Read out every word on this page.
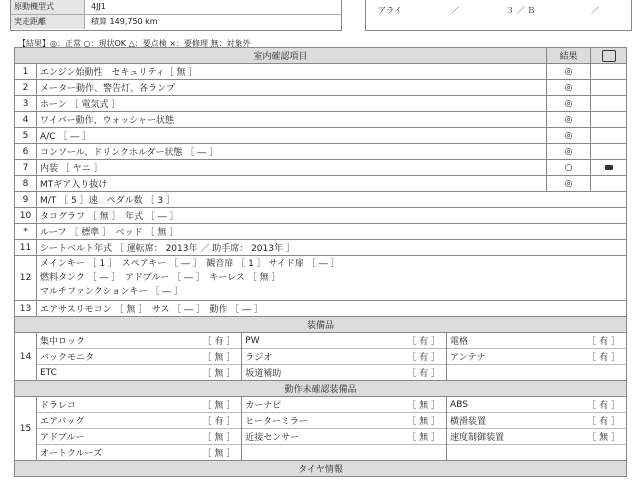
原動機型式	4JJ1
実走距離	積算 149,750 km
アライ	／	３ ／ Ｂ	／
【結果】◎：正常 ○：現状OK △：要点検 ×：要修理 無：対象外
室内確認項目	結果	
1	エンジン始動性　セキュリティ［ 無 ］	◎	
2	メーター動作、警告灯、各ランプ	◎	
3	ホーン ［ 電気式 ］	◎	
4	ワイパー動作、ウォッシャー状態	◎	
5	A/C ［ ― ］	◎	
6	コンソール、ドリンクホルダー状態 ［ ― ］	◎	
7	内装 ［ ヤニ ］	○	
8	MTギア入り抜け	◎	
9	M/T ［ 5 ］速　ペダル数 ［ 3 ］
10	タコグラフ ［ 無 ］　年式 ［ ― ］
*	ルーフ ［ 標準 ］　ベッド ［ 無 ］
11	シートベルト年式 ［ 運転席： 2013年 ／ 助手席： 2013年 ］
12	
メインキー ［ 1 ］　スペアキー ［ ― ］　観音扉 ［ 1 ］ サイド扉 ［ ― ］
燃料タンク ［ ― ］　アドブルー ［ ― ］　キーレス ［ 無 ］
マルチファンクションキー ［ ― ］

13	エアサスリモコン ［ 無 ］　サス ［ ― ］　動作 ［ ― ］
装備品
14	
集中ロック	［ 有 ］	PW	［ 有 ］	電格	［ 有 ］
バックモニタ	［ 無 ］	ラジオ	［ 有 ］	アンテナ	［ 有 ］
ETC	［ 無 ］	坂道補助	［ 有 ］		

動作未確認装備品
15	
ドラレコ	［ 無 ］	カーナビ	［ 無 ］	ABS	［ 有 ］
エアバッグ	［ 有 ］	ヒーターミラー	［ 無 ］	横滑装置	［ 有 ］
アドブルー	［ 無 ］	近接センサー	［ 無 ］	速度制御装置	［ 無 ］
オートクルーズ	［ 無 ］				

タイヤ情報
